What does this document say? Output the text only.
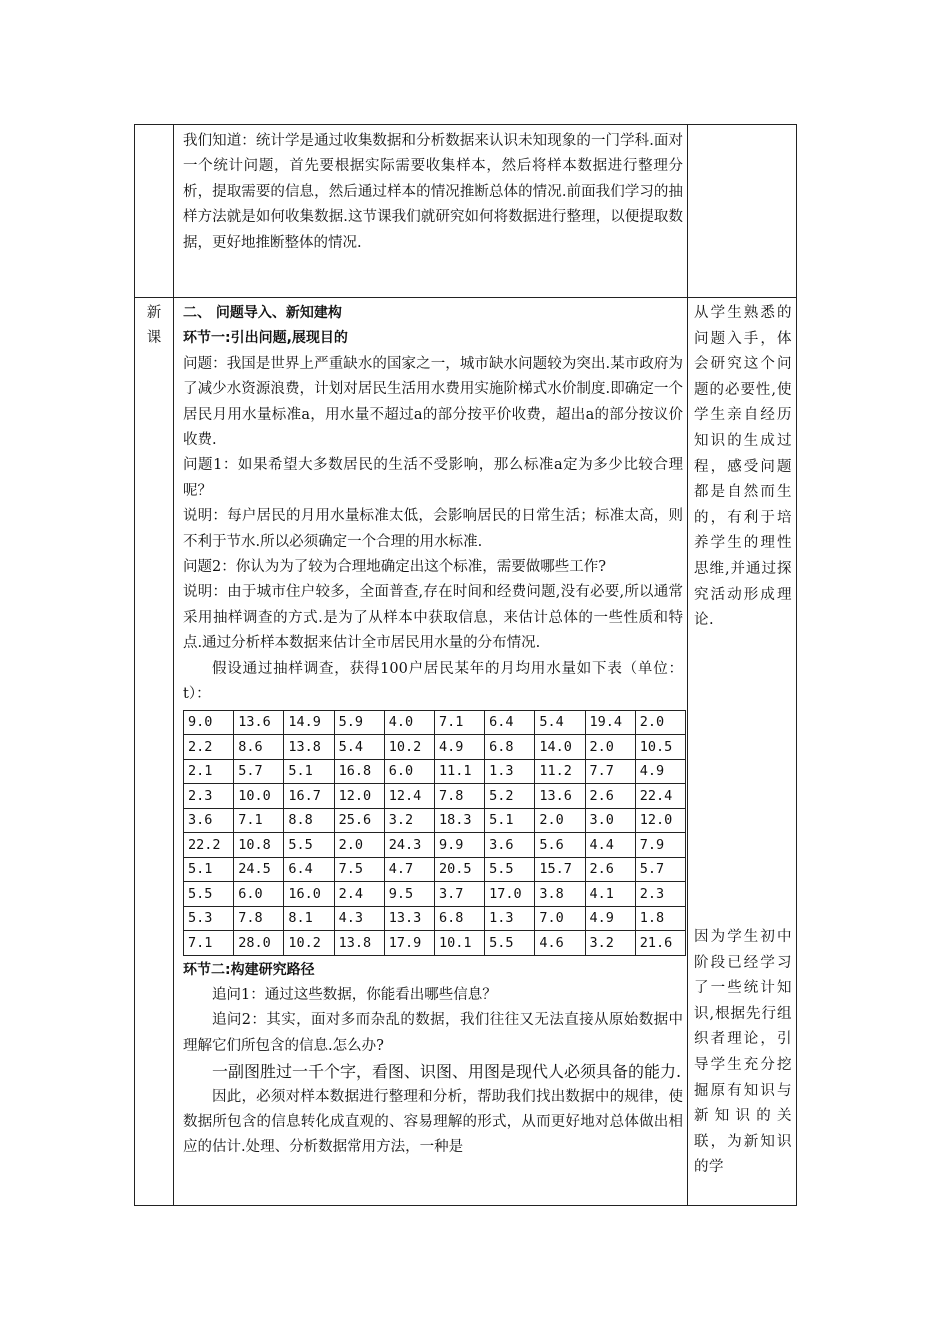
我们知道：统计学是通过收集数据和分析数据来认识未知现象的一门学科.面对一个统计问题，首先要根据实际需要收集样本，然后将样本数据进行整理分析，提取需要的信息，然后通过样本的情况推断总体的情况.前面我们学习的抽样方法就是如何收集数据.这节课我们就研究如何将数据进行整理，以便提取数据，更好地推断整体的情况.

新
课

二、 问题导入、新知建构

环节一:引出问题,展现目的

问题：我国是世界上严重缺水的国家之一，城市缺水问题较为突出.某市政府为了减少水资源浪费，计划对居民生活用水费用实施阶梯式水价制度.即确定一个居民月用水量标准a，用水量不超过a的部分按平价收费，超出a的部分按议价收费.

问题1：如果希望大多数居民的生活不受影响，那么标准a定为多少比较合理呢？

说明：每户居民的月用水量标准太低，会影响居民的日常生活；标准太高，则不利于节水.所以必须确定一个合理的用水标准.

问题2：你认为为了较为合理地确定出这个标准，需要做哪些工作?

说明：由于城市住户较多，全面普查,存在时间和经费问题,没有必要,所以通常采用抽样调查的方式.是为了从样本中获取信息，来估计总体的一些性质和特点.通过分析样本数据来估计全市居民用水量的分布情况.

假设通过抽样调查，获得100户居民某年的月均用水量如下表（单位：t）：

9.0	13.6	14.9	5.9	4.0	7.1	6.4	5.4	19.4	2.0
2.2	8.6	13.8	5.4	10.2	4.9	6.8	14.0	2.0	10.5
2.1	5.7	5.1	16.8	6.0	11.1	1.3	11.2	7.7	4.9
2.3	10.0	16.7	12.0	12.4	7.8	5.2	13.6	2.6	22.4
3.6	7.1	8.8	25.6	3.2	18.3	5.1	2.0	3.0	12.0
22.2	10.8	5.5	2.0	24.3	9.9	3.6	5.6	4.4	7.9
5.1	24.5	6.4	7.5	4.7	20.5	5.5	15.7	2.6	5.7
5.5	6.0	16.0	2.4	9.5	3.7	17.0	3.8	4.1	2.3
5.3	7.8	8.1	4.3	13.3	6.8	1.3	7.0	4.9	1.8
7.1	28.0	10.2	13.8	17.9	10.1	5.5	4.6	3.2	21.6

环节二:构建研究路径

追问1：通过这些数据，你能看出哪些信息？

追问2：其实，面对多而杂乱的数据，我们往往又无法直接从原始数据中理解它们所包含的信息.怎么办?

一副图胜过一千个字，看图、识图、用图是现代人必须具备的能力.

因此，必须对样本数据进行整理和分析，帮助我们找出数据中的规律，使数据所包含的信息转化成直观的、容易理解的形式，从而更好地对总体做出相应的估计.处理、分析数据常用方法，一种是

从学生熟悉的问题入手，体会研究这个问题的必要性,使学生亲自经历知识的生成过程，感受问题都是自然而生的，有利于培养学生的理性思维,并通过探究活动形成理论.

因为学生初中阶段已经学习了一些统计知识,根据先行组织者理论，引导学生充分挖掘原有知识与新知识的关联，为新知识的学
